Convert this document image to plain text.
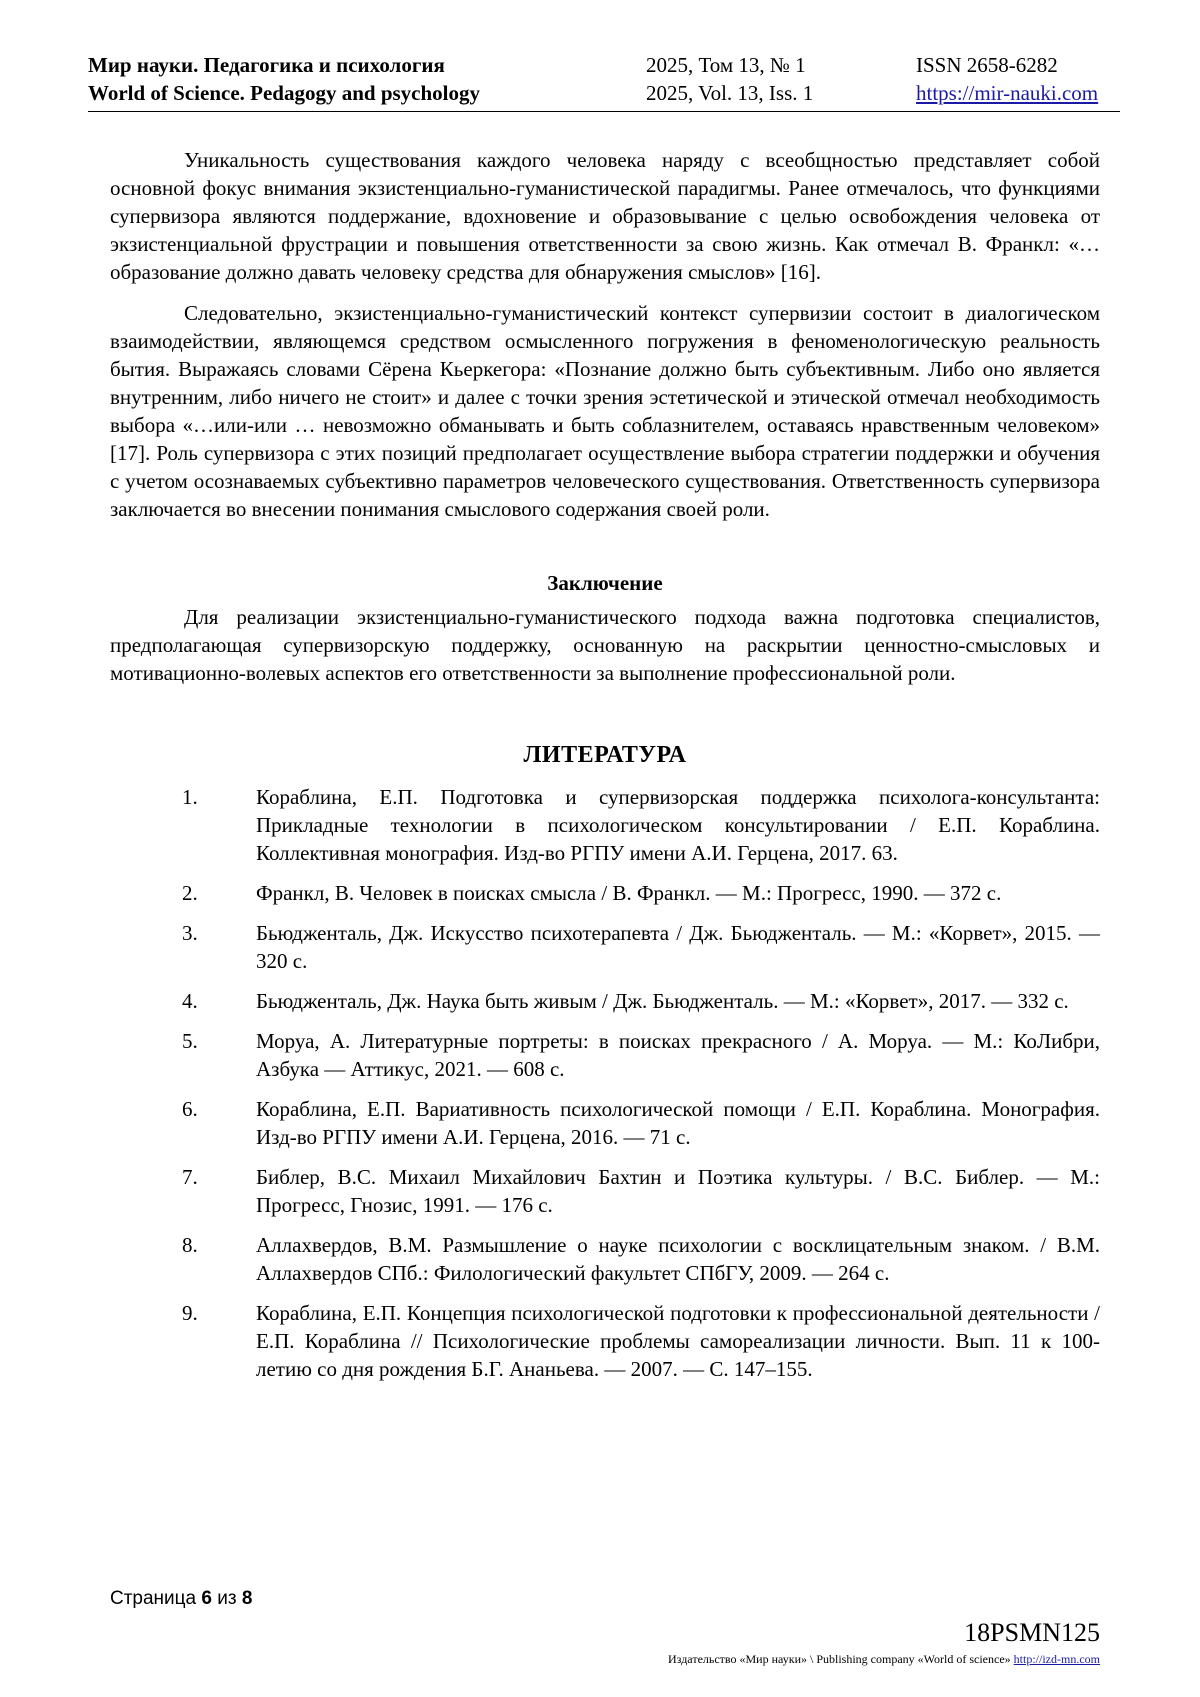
Мир науки. Педагогика и психология	2025, Том 13, № 1	ISSN 2658-6282
World of Science. Pedagogy and psychology	2025, Vol. 13, Iss. 1	https://mir-nauki.com

Уникальность существования каждого человека наряду с всеобщностью представляет собой основной фокус внимания экзистенциально-гуманистической парадигмы. Ранее отмечалось, что функциями супервизора являются поддержание, вдохновение и образовывание с целью освобождения человека от экзистенциальной фрустрации и повышения ответственности за свою жизнь. Как отмечал В. Франкл: «…образование должно давать человеку средства для обнаружения смыслов» [16].

Следовательно, экзистенциально-гуманистический контекст супервизии состоит в диалогическом взаимодействии, являющемся средством осмысленного погружения в феноменологическую реальность бытия. Выражаясь словами Сёрена Кьеркегора: «Познание должно быть субъективным. Либо оно является внутренним, либо ничего не стоит» и далее с точки зрения эстетической и этической отмечал необходимость выбора «…или-или … невозможно обманывать и быть соблазнителем, оставаясь нравственным человеком» [17]. Роль супервизора с этих позиций предполагает осуществление выбора стратегии поддержки и обучения с учетом осознаваемых субъективно параметров человеческого существования. Ответственность супервизора заключается во внесении понимания смыслового содержания своей роли.

Заключение

Для реализации экзистенциально-гуманистического подхода важна подготовка специалистов, предполагающая супервизорскую поддержку, основанную на раскрытии ценностно-смысловых и мотивационно-волевых аспектов его ответственности за выполнение профессиональной роли.

ЛИТЕРАТУРА
1.	Кораблина, Е.П. Подготовка и супервизорская поддержка психолога-консультанта: Прикладные технологии в психологическом консультировании / Е.П. Кораблина. Коллективная монография. Изд-во РГПУ имени А.И. Герцена, 2017. 63.
2.	Франкл, В. Человек в поисках смысла / В. Франкл. — М.: Прогресс, 1990. — 372 с.
3.	Бьюдженталь, Дж. Искусство психотерапевта / Дж. Бьюдженталь. — М.: «Корвет», 2015. — 320 с.
4.	Бьюдженталь, Дж. Наука быть живым / Дж. Бьюдженталь. — М.: «Корвет», 2017. — 332 с.
5.	Моруа, А. Литературные портреты: в поисках прекрасного / А. Моруа. — М.: КоЛибри, Азбука — Аттикус, 2021. — 608 с.
6.	Кораблина, Е.П. Вариативность психологической помощи / Е.П. Кораблина. Монография. Изд-во РГПУ имени А.И. Герцена, 2016. — 71 с.
7.	Библер, В.С. Михаил Михайлович Бахтин и Поэтика культуры. / В.С. Библер. — М.: Прогресс, Гнозис, 1991. — 176 с.
8.	Аллахвердов, В.М. Размышление о науке психологии с восклицательным знаком. / В.М. Аллахвердов СПб.: Филологический факультет СПбГУ, 2009. — 264 с.
9.	Кораблина, Е.П. Концепция психологической подготовки к профессиональной деятельности / Е.П. Кораблина // Психологические проблемы самореализации личности. Вып. 11 к 100-летию со дня рождения Б.Г. Ананьева. — 2007. — С. 147–155.
Страница 6 из 8
18PSMN125
Издательство «Мир науки» \ Publishing company «World of science» http://izd-mn.com
